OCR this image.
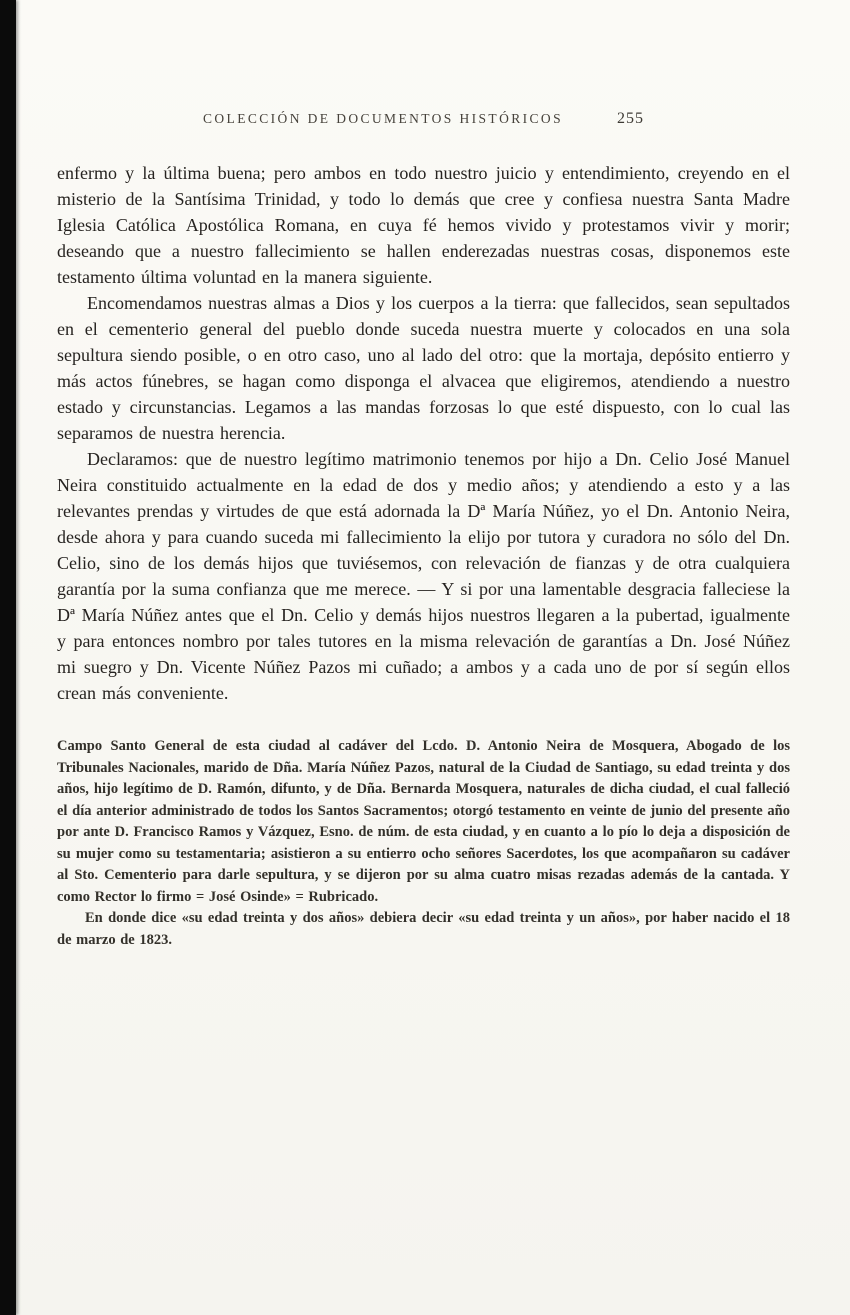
COLECCIÓN DE DOCUMENTOS HISTÓRICOS	255

enfermo y la última buena; pero ambos en todo nuestro juicio y entendimiento, creyendo en el misterio de la Santísima Trinidad, y todo lo demás que cree y confiesa nuestra Santa Madre Iglesia Católica Apostólica Romana, en cuya fé hemos vivido y protestamos vivir y morir; deseando que a nuestro fallecimiento se hallen enderezadas nuestras cosas, disponemos este testamento última voluntad en la manera siguiente.

Encomendamos nuestras almas a Dios y los cuerpos a la tierra: que fallecidos, sean sepultados en el cementerio general del pueblo donde suceda nuestra muerte y colocados en una sola sepultura siendo posible, o en otro caso, uno al lado del otro: que la mortaja, depósito entierro y más actos fúnebres, se hagan como disponga el alvacea que eligiremos, atendiendo a nuestro estado y circunstancias. Legamos a las mandas forzosas lo que esté dispuesto, con lo cual las separamos de nuestra herencia.

Declaramos: que de nuestro legítimo matrimonio tenemos por hijo a Dn. Celio José Manuel Neira constituido actualmente en la edad de dos y medio años; y atendiendo a esto y a las relevantes prendas y virtudes de que está adornada la Dª María Núñez, yo el Dn. Antonio Neira, desde ahora y para cuando suceda mi fallecimiento la elijo por tutora y curadora no sólo del Dn. Celio, sino de los demás hijos que tuviésemos, con relevación de fianzas y de otra cualquiera garantía por la suma confianza que me merece. — Y si por una lamentable desgracia falleciese la Dª María Núñez antes que el Dn. Celio y demás hijos nuestros llegaren a la pubertad, igualmente y para entonces nombro por tales tutores en la misma relevación de garantías a Dn. José Núñez mi suegro y Dn. Vicente Núñez Pazos mi cuñado; a ambos y a cada uno de por sí según ellos crean más conveniente.

Campo Santo General de esta ciudad al cadáver del Lcdo. D. Antonio Neira de Mosquera, Abogado de los Tribunales Nacionales, marido de Dña. María Núñez Pazos, natural de la Ciudad de Santiago, su edad treinta y dos años, hijo legítimo de D. Ramón, difunto, y de Dña. Bernarda Mosquera, naturales de dicha ciudad, el cual falleció el día anterior administrado de todos los Santos Sacramentos; otorgó testamento en veinte de junio del presente año por ante D. Francisco Ramos y Vázquez, Esno. de núm. de esta ciudad, y en cuanto a lo pío lo deja a disposición de su mujer como su testamentaria; asistieron a su entierro ocho señores Sacerdotes, los que acompañaron su cadáver al Sto. Cementerio para darle sepultura, y se dijeron por su alma cuatro misas rezadas además de la cantada. Y como Rector lo firmo = José Osinde» = Rubricado.

En donde dice «su edad treinta y dos años» debiera decir «su edad treinta y un años», por haber nacido el 18 de marzo de 1823.
